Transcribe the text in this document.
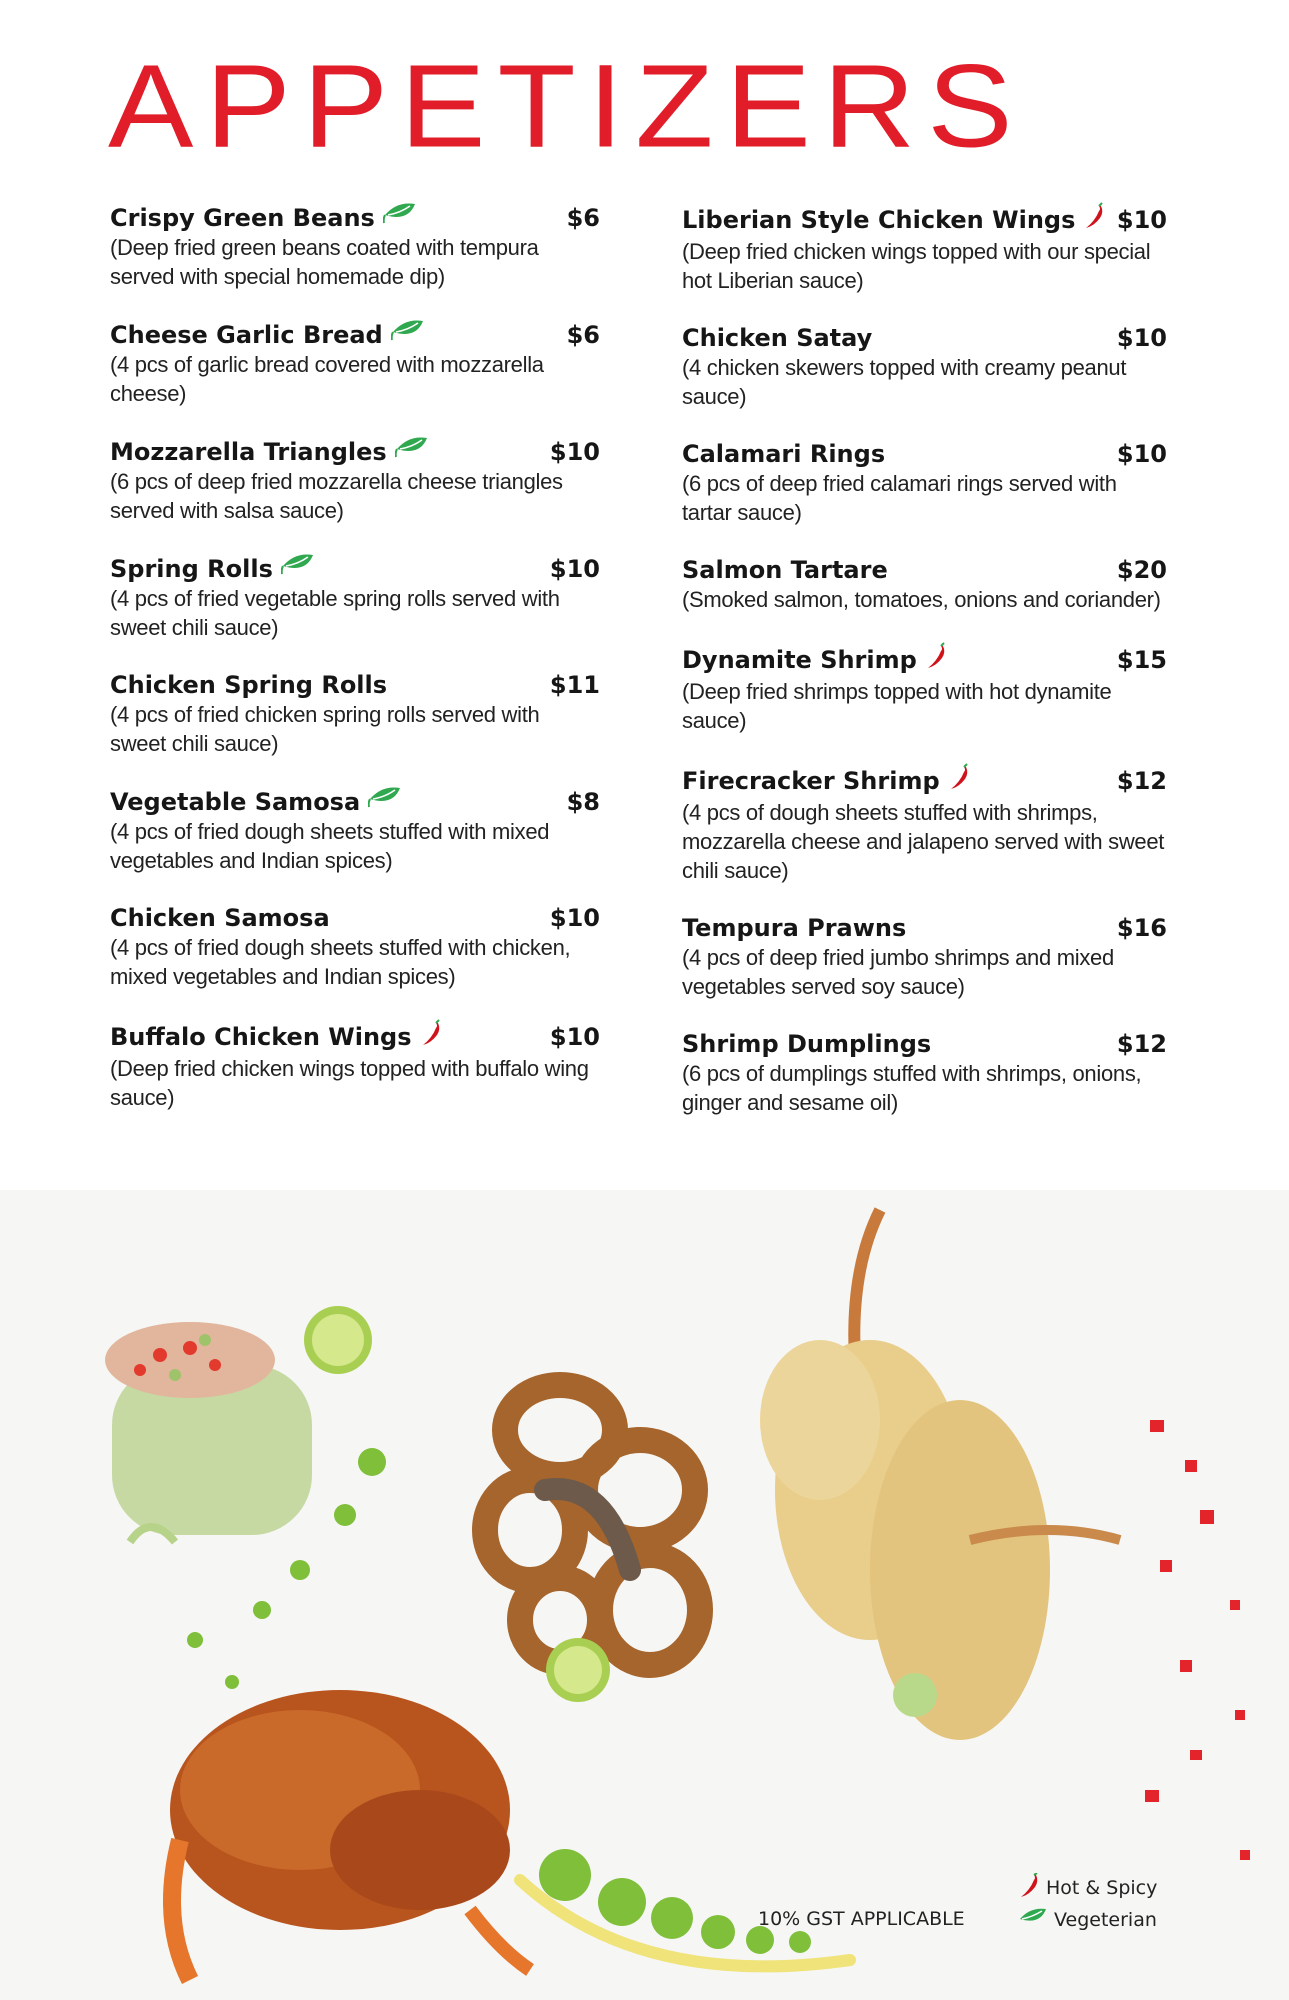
APPETIZERS
Crispy Green Beans	$6
(Deep fried green beans coated with tempura served with special homemade dip)
Cheese Garlic Bread	$6
(4 pcs of garlic bread covered with mozzarella cheese)
Mozzarella Triangles	$10
(6 pcs of deep fried mozzarella cheese triangles served with salsa sauce)
Spring Rolls	$10
(4 pcs of fried vegetable spring rolls served with sweet chili sauce)
Chicken Spring Rolls	$11
(4 pcs of fried chicken spring rolls served with sweet chili sauce)
Vegetable Samosa	$8
(4 pcs of fried dough sheets stuffed with mixed vegetables and Indian spices)
Chicken Samosa	$10
(4 pcs of fried dough sheets stuffed with chicken, mixed vegetables and Indian spices)
Buffalo Chicken Wings	$10
(Deep fried chicken wings topped with buffalo wing sauce)
Liberian Style Chicken Wings $10
(Deep fried chicken wings topped with our special hot Liberian sauce)
Chicken Satay	$10
(4 chicken skewers topped with creamy peanut sauce)
Calamari Rings	$10
(6 pcs of deep fried calamari rings served with tartar sauce)
Salmon Tartare	$20
(Smoked salmon, tomatoes, onions and coriander)
Dynamite Shrimp	$15
(Deep fried shrimps topped with hot dynamite sauce)
Firecracker Shrimp	$12
(4 pcs of dough sheets stuffed with shrimps, mozzarella cheese and jalapeno served with sweet chili sauce)
Tempura Prawns	$16
(4 pcs of deep fried jumbo shrimps and mixed vegetables served soy sauce)
Shrimp Dumplings	$12
(6 pcs of dumplings stuffed with shrimps, onions, ginger and sesame oil)
10% GST APPLICABLE
Hot & Spicy
Vegeterian
